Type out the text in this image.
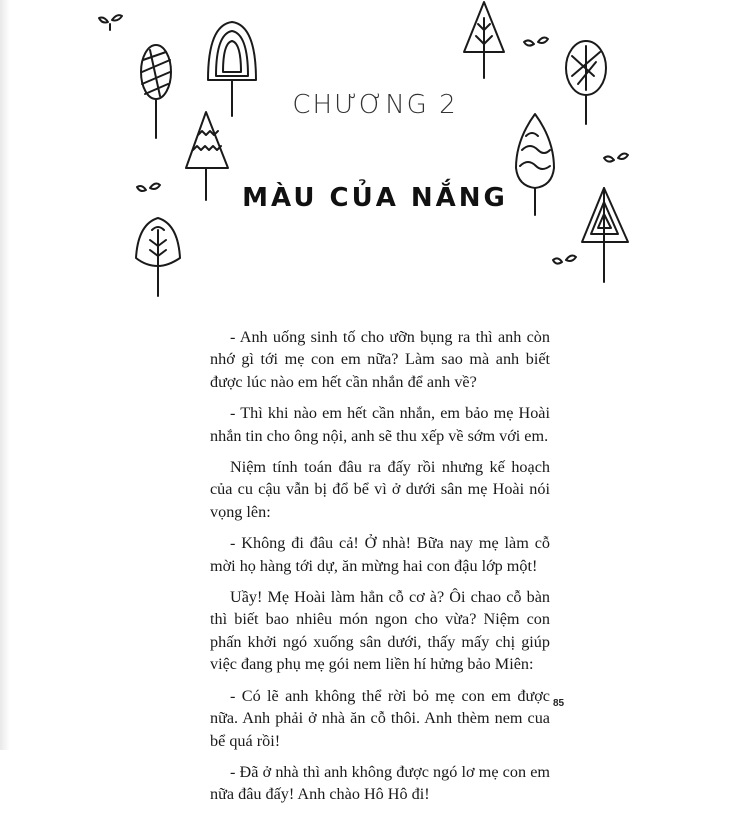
CHƯƠNG 2
MÀU CỦA NẮNG

- Anh uống sinh tố cho ưỡn bụng ra thì anh còn nhớ gì tới mẹ con em nữa? Làm sao mà anh biết được lúc nào em hết cần nhắn để anh về?

- Thì khi nào em hết cần nhắn, em bảo mẹ Hoài nhắn tin cho ông nội, anh sẽ thu xếp về sớm với em.

Niệm tính toán đâu ra đấy rồi nhưng kế hoạch của cu cậu vẫn bị đổ bể vì ở dưới sân mẹ Hoài nói vọng lên:

- Không đi đâu cả! Ở nhà! Bữa nay mẹ làm cỗ mời họ hàng tới dự, ăn mừng hai con đậu lớp một!

Uầy! Mẹ Hoài làm hẳn cỗ cơ à? Ôi chao cỗ bàn thì biết bao nhiêu món ngon cho vừa? Niệm con phấn khởi ngó xuống sân dưới, thấy mấy chị giúp việc đang phụ mẹ gói nem liền hí hửng bảo Miên:

- Có lẽ anh không thể rời bỏ mẹ con em được nữa. Anh phải ở nhà ăn cỗ thôi. Anh thèm nem cua bể quá rồi!

- Đã ở nhà thì anh không được ngó lơ mẹ con em nữa đâu đấy! Anh chào Hô Hô đi!

85
